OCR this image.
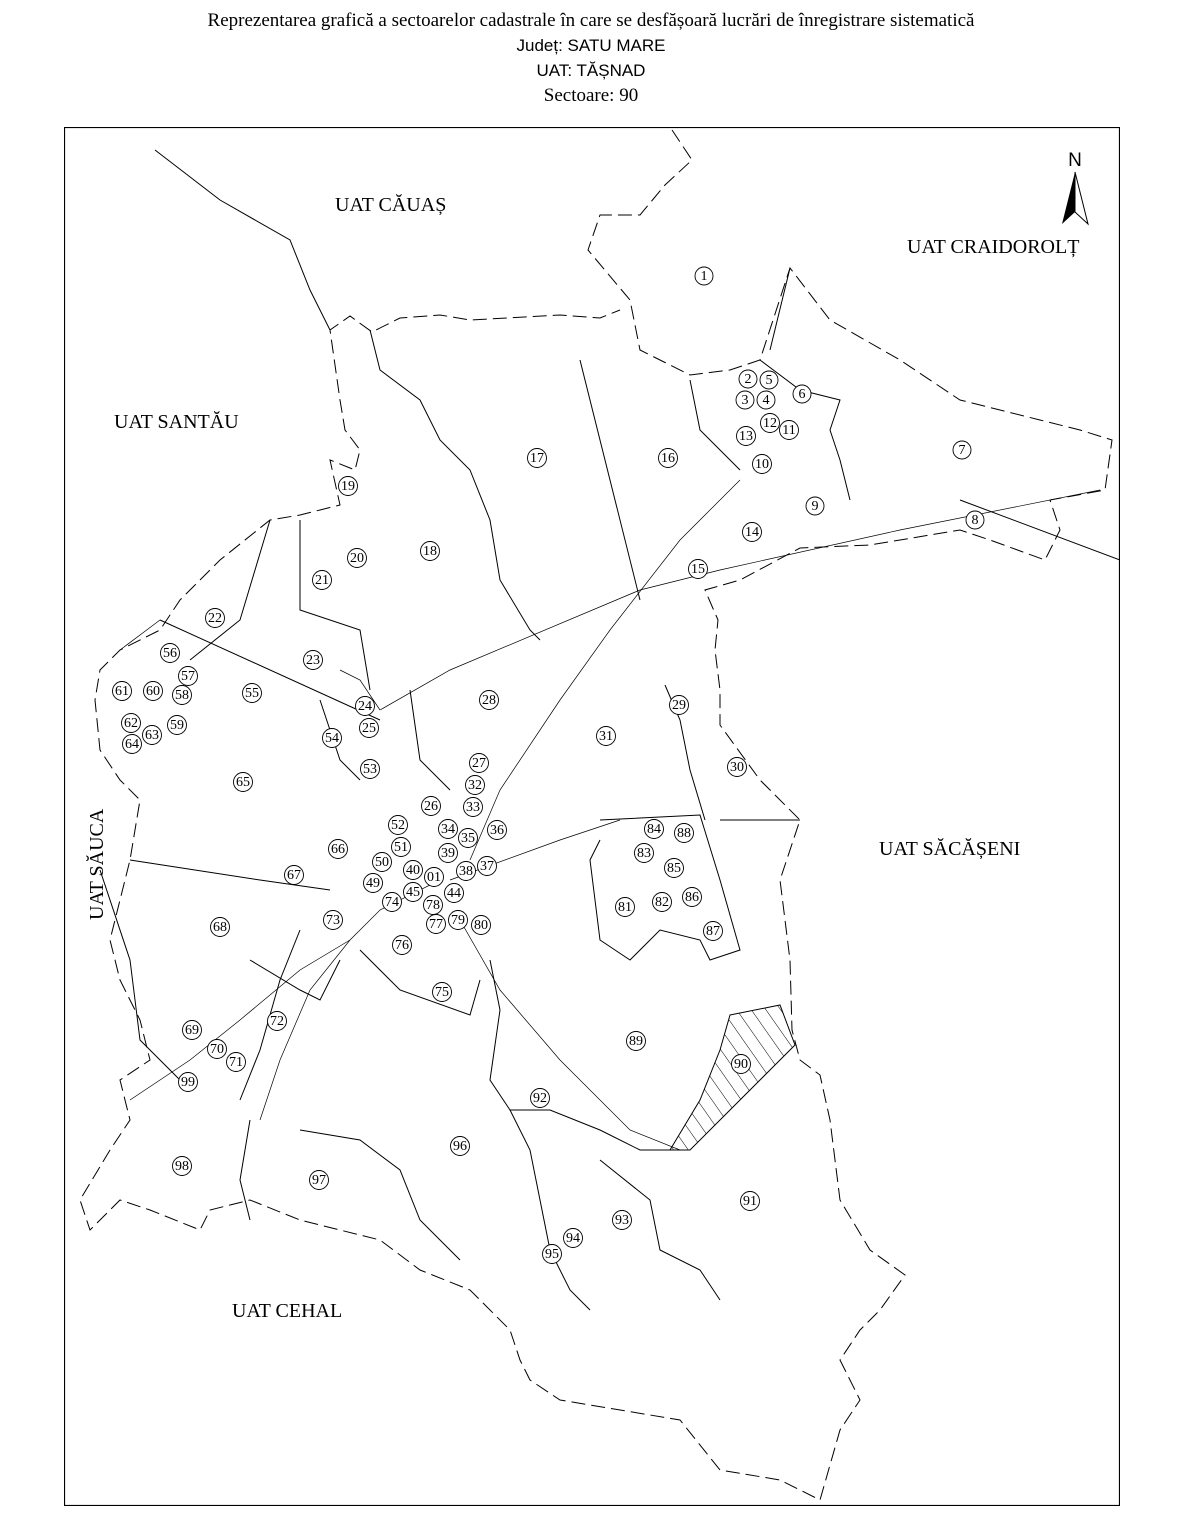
Reprezentarea grafică a sectoarelor cadastrale în care se desfășoară lucrări de înregistrare sistematică
Județ: SATU MARE
UAT: TĂȘNAD
Sectoare: 90
N
UAT CĂUAȘ
UAT CRAIDOROLȚ
UAT SANTĂU
UAT SĂUCA	UAT SĂCĂȘENI
UAT CEHAL
1
2
3 4
5
6
7
8
9
10
11
12
13
14
15
16
17
18
19
20
21
22
23
24
25
26
27
28	29
30
31
32
33
34
35
36
37
38
39
40 01
44
45
49
50
51
52
53
54
55
56
57
58
59
60
61
62
63
64
65
66
67
68
69
70
71
72
73
74
75
76
77
78
79 80
81 82
83
84
85
86
87
88
89
90
91
92
93
94
95
96
97
98
99
